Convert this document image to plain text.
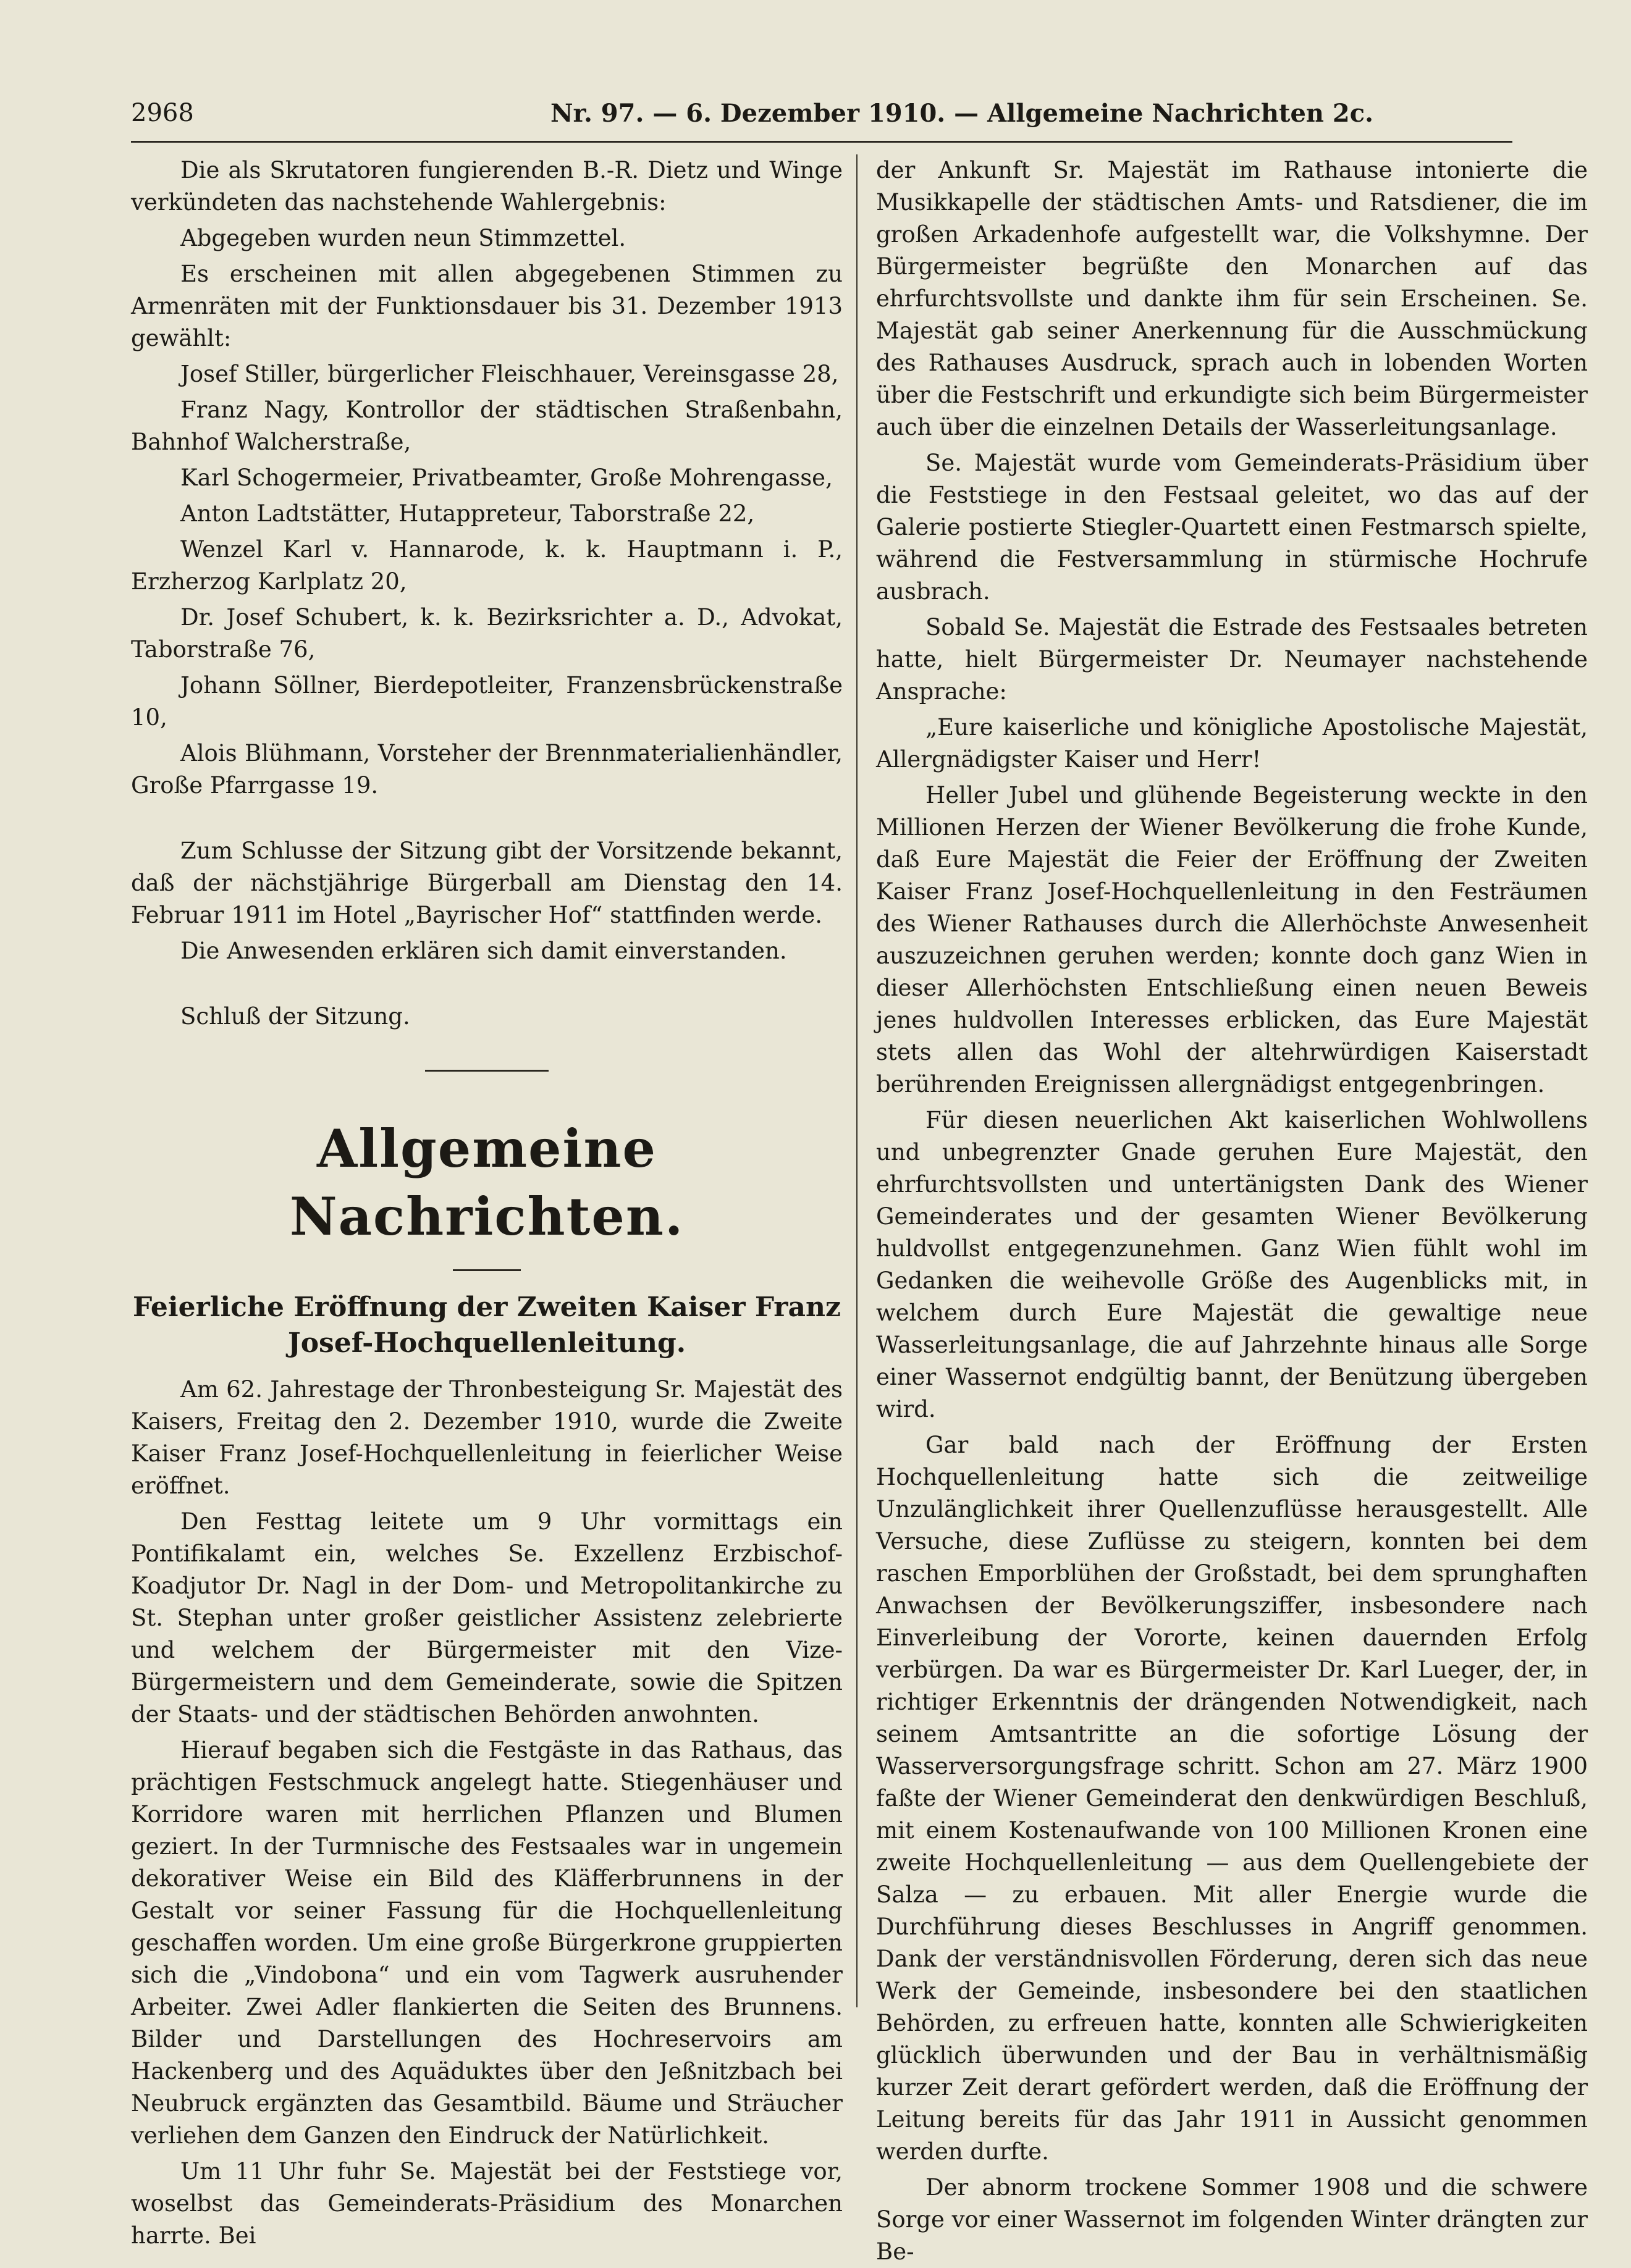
2968	Nr. 97. — 6. Dezember 1910. — Allgemeine Nachrichten 2c.

Die als Skrutatoren fungierenden B.-R. Dietz und Winge verkündeten das nachstehende Wahlergebnis:

Abgegeben wurden neun Stimmzettel.

Es erscheinen mit allen abgegebenen Stimmen zu Armenräten mit der Funktionsdauer bis 31. Dezember 1913 gewählt:

Josef Stiller, bürgerlicher Fleischhauer, Vereinsgasse 28,

Franz Nagy, Kontrollor der städtischen Straßenbahn, Bahnhof Walcherstraße,

Karl Schogermeier, Privatbeamter, Große Mohrengasse,

Anton Ladtstätter, Hutappreteur, Taborstraße 22,

Wenzel Karl v. Hannarode, k. k. Hauptmann i. P., Erzherzog Karlplatz 20,

Dr. Josef Schubert, k. k. Bezirksrichter a. D., Advokat, Taborstraße 76,

Johann Söllner, Bierdepotleiter, Franzensbrückenstraße 10,

Alois Blühmann, Vorsteher der Brennmaterialienhändler, Große Pfarrgasse 19.

Zum Schlusse der Sitzung gibt der Vorsitzende bekannt, daß der nächstjährige Bürgerball am Dienstag den 14. Februar 1911 im Hotel „Bayrischer Hof“ stattfinden werde.

Die Anwesenden erklären sich damit einverstanden.

Schluß der Sitzung.

Allgemeine Nachrichten.
Feierliche Eröffnung der Zweiten Kaiser Franz Josef-Hochquellenleitung.

Am 62. Jahrestage der Thronbesteigung Sr. Majestät des Kaisers, Freitag den 2. Dezember 1910, wurde die Zweite Kaiser Franz Josef-Hochquellenleitung in feierlicher Weise eröffnet.

Den Festtag leitete um 9 Uhr vormittags ein Pontifikalamt ein, welches Se. Exzellenz Erzbischof-Koadjutor Dr. Nagl in der Dom- und Metropolitankirche zu St. Stephan unter großer geistlicher Assistenz zelebrierte und welchem der Bürgermeister mit den Vize-Bürgermeistern und dem Gemeinderate, sowie die Spitzen der Staats- und der städtischen Behörden anwohnten.

Hierauf begaben sich die Festgäste in das Rathaus, das prächtigen Festschmuck angelegt hatte. Stiegenhäuser und Korridore waren mit herrlichen Pflanzen und Blumen geziert. In der Turmnische des Festsaales war in ungemein dekorativer Weise ein Bild des Kläfferbrunnens in der Gestalt vor seiner Fassung für die Hochquellenleitung geschaffen worden. Um eine große Bürgerkrone gruppierten sich die „Vindobona“ und ein vom Tagwerk ausruhender Arbeiter. Zwei Adler flankierten die Seiten des Brunnens. Bilder und Darstellungen des Hochreservoirs am Hackenberg und des Aquäduktes über den Jeßnitzbach bei Neubruck ergänzten das Gesamtbild. Bäume und Sträucher verliehen dem Ganzen den Eindruck der Natürlichkeit.

Um 11 Uhr fuhr Se. Majestät bei der Feststiege vor, woselbst das Gemeinderats-Präsidium des Monarchen harrte. Bei

der Ankunft Sr. Majestät im Rathause intonierte die Musikkapelle der städtischen Amts- und Ratsdiener, die im großen Arkadenhofe aufgestellt war, die Volkshymne. Der Bürgermeister begrüßte den Monarchen auf das ehrfurchtsvollste und dankte ihm für sein Erscheinen. Se. Majestät gab seiner Anerkennung für die Ausschmückung des Rathauses Ausdruck, sprach auch in lobenden Worten über die Festschrift und erkundigte sich beim Bürgermeister auch über die einzelnen Details der Wasserleitungsanlage.

Se. Majestät wurde vom Gemeinderats-Präsidium über die Feststiege in den Festsaal geleitet, wo das auf der Galerie postierte Stiegler-Quartett einen Festmarsch spielte, während die Festversammlung in stürmische Hochrufe ausbrach.

Sobald Se. Majestät die Estrade des Festsaales betreten hatte, hielt Bürgermeister Dr. Neumayer nachstehende Ansprache:

„Eure kaiserliche und königliche Apostolische Majestät, Allergnädigster Kaiser und Herr!

Heller Jubel und glühende Begeisterung weckte in den Millionen Herzen der Wiener Bevölkerung die frohe Kunde, daß Eure Majestät die Feier der Eröffnung der Zweiten Kaiser Franz Josef-Hochquellenleitung in den Festräumen des Wiener Rathauses durch die Allerhöchste Anwesenheit auszuzeichnen geruhen werden; konnte doch ganz Wien in dieser Allerhöchsten Entschließung einen neuen Beweis jenes huldvollen Interesses erblicken, das Eure Majestät stets allen das Wohl der altehrwürdigen Kaiserstadt berührenden Ereignissen allergnädigst entgegenbringen.

Für diesen neuerlichen Akt kaiserlichen Wohlwollens und unbegrenzter Gnade geruhen Eure Majestät, den ehrfurchtsvollsten und untertänigsten Dank des Wiener Gemeinderates und der gesamten Wiener Bevölkerung huldvollst entgegenzunehmen. Ganz Wien fühlt wohl im Gedanken die weihevolle Größe des Augenblicks mit, in welchem durch Eure Majestät die gewaltige neue Wasserleitungsanlage, die auf Jahrzehnte hinaus alle Sorge einer Wassernot endgültig bannt, der Benützung übergeben wird.

Gar bald nach der Eröffnung der Ersten Hochquellenleitung hatte sich die zeitweilige Unzulänglichkeit ihrer Quellenzuflüsse herausgestellt. Alle Versuche, diese Zuflüsse zu steigern, konnten bei dem raschen Emporblühen der Großstadt, bei dem sprunghaften Anwachsen der Bevölkerungsziffer, insbesondere nach Einverleibung der Vororte, keinen dauernden Erfolg verbürgen. Da war es Bürgermeister Dr. Karl Lueger, der, in richtiger Erkenntnis der drängenden Notwendigkeit, nach seinem Amtsantritte an die sofortige Lösung der Wasserversorgungsfrage schritt. Schon am 27. März 1900 faßte der Wiener Gemeinderat den denkwürdigen Beschluß, mit einem Kostenaufwande von 100 Millionen Kronen eine zweite Hochquellenleitung — aus dem Quellengebiete der Salza — zu erbauen. Mit aller Energie wurde die Durchführung dieses Beschlusses in Angriff genommen. Dank der verständnisvollen Förderung, deren sich das neue Werk der Gemeinde, insbesondere bei den staatlichen Behörden, zu erfreuen hatte, konnten alle Schwierigkeiten glücklich überwunden und der Bau in verhältnismäßig kurzer Zeit derart gefördert werden, daß die Eröffnung der Leitung bereits für das Jahr 1911 in Aussicht genommen werden durfte.

Der abnorm trockene Sommer 1908 und die schwere Sorge vor einer Wassernot im folgenden Winter drängten zur Be-
